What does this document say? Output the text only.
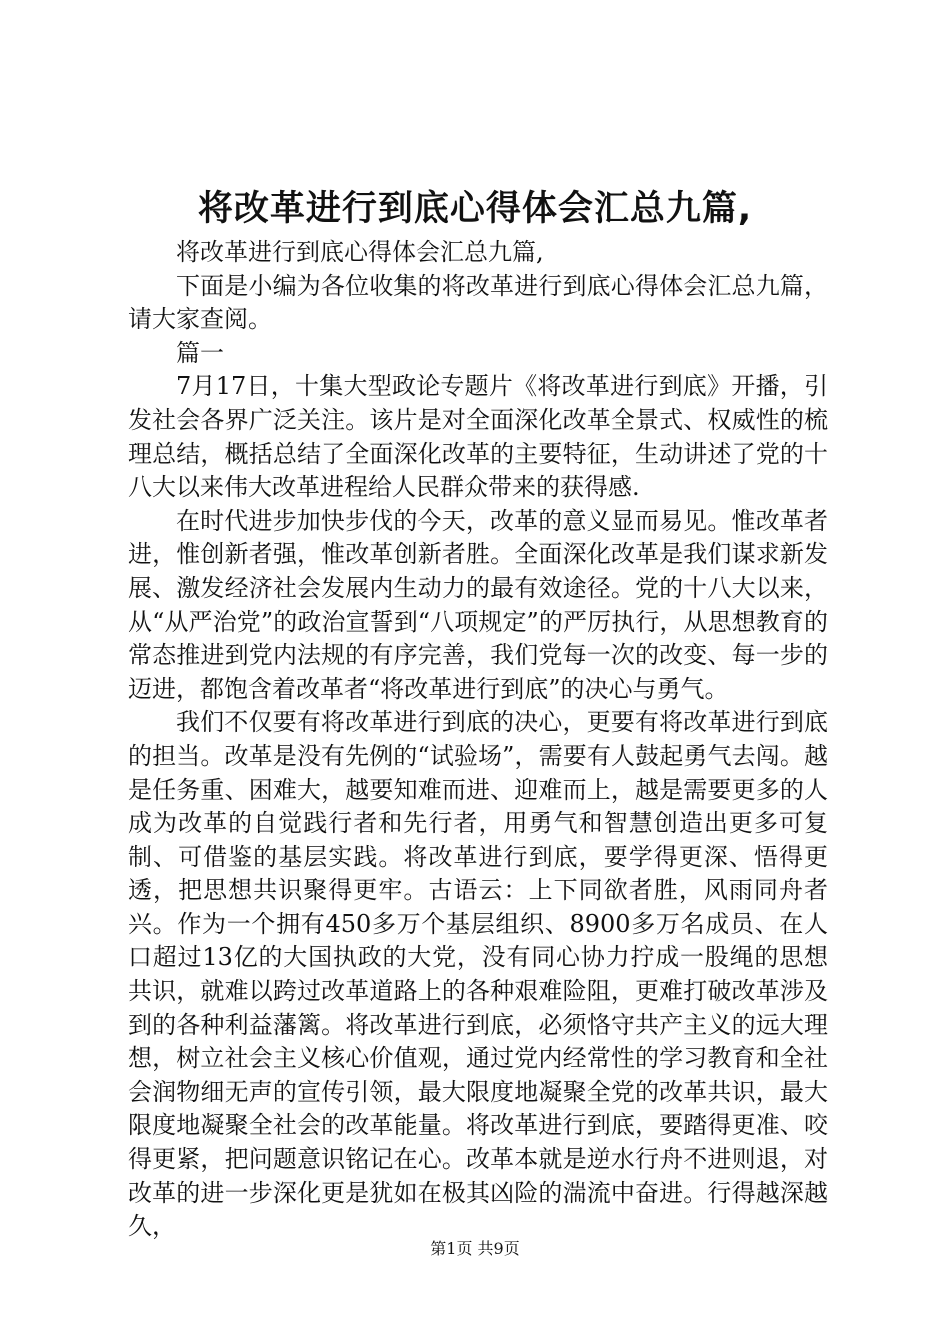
将改革进行到底心得体会汇总九篇,

将改革进行到底心得体会汇总九篇,

下面是小编为各位收集的将改革进行到底心得体会汇总九篇，请大家查阅。

篇一

7月17日，十集大型政论专题片《将改革进行到底》开播，引发社会各界广泛关注。该片是对全面深化改革全景式、权威性的梳理总结，概括总结了全面深化改革的主要特征，生动讲述了党的十八大以来伟大改革进程给人民群众带来的获得感.

在时代进步加快步伐的今天，改革的意义显而易见。惟改革者进，惟创新者强，惟改革创新者胜。全面深化改革是我们谋求新发展、激发经济社会发展内生动力的最有效途径。党的十八大以来，从“从严治党”的政治宣誓到“八项规定”的严厉执行，从思想教育的常态推进到党内法规的有序完善，我们党每一次的改变、每一步的迈进，都饱含着改革者“将改革进行到底”的决心与勇气。

我们不仅要有将改革进行到底的决心，更要有将改革进行到底的担当。改革是没有先例的“试验场”，需要有人鼓起勇气去闯。越是任务重、困难大，越要知难而进、迎难而上，越是需要更多的人成为改革的自觉践行者和先行者，用勇气和智慧创造出更多可复制、可借鉴的基层实践。将改革进行到底，要学得更深、悟得更透，把思想共识聚得更牢。古语云：上下同欲者胜，风雨同舟者兴。作为一个拥有450多万个基层组织、8900多万名成员、在人口超过13亿的大国执政的大党，没有同心协力拧成一股绳的思想共识，就难以跨过改革道路上的各种艰难险阻，更难打破改革涉及到的各种利益藩篱。将改革进行到底，必须恪守共产主义的远大理想，树立社会主义核心价值观，通过党内经常性的学习教育和全社会润物细无声的宣传引领，最大限度地凝聚全党的改革共识，最大限度地凝聚全社会的改革能量。将改革进行到底，要踏得更准、咬得更紧，把问题意识铭记在心。改革本就是逆水行舟不进则退，对改革的进一步深化更是犹如在极其凶险的湍流中奋进。行得越深越久，

第1页 共9页
